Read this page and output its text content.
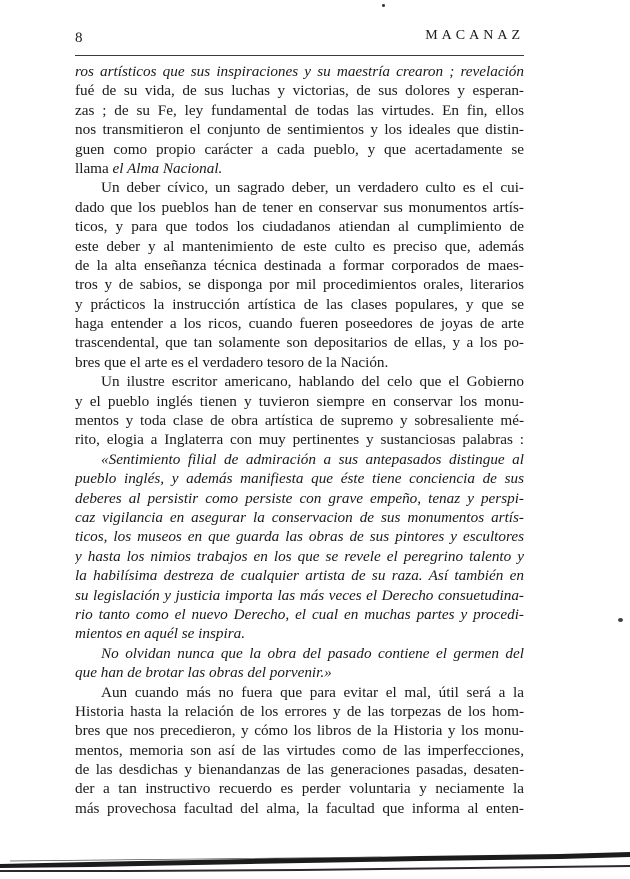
8	MACANAZ
ros artísticos que sus inspiraciones y su maestría crearon ; revelación
fué de su vida, de sus luchas y victorias, de sus dolores y esperan-
zas ; de su Fe, ley fundamental de todas las virtudes. En fin, ellos
nos transmitieron el conjunto de sentimientos y los ideales que distin-
guen como propio carácter a cada pueblo, y que acertadamente se
llama el Alma Nacional.
Un deber cívico, un sagrado deber, un verdadero culto es el cui-
dado que los pueblos han de tener en conservar sus monumentos artís-
ticos, y para que todos los ciudadanos atiendan al cumplimiento de
este deber y al mantenimiento de este culto es preciso que, además
de la alta enseñanza técnica destinada a formar corporados de maes-
tros y de sabios, se disponga por mil procedimientos orales, literarios
y prácticos la instrucción artística de las clases populares, y que se
haga entender a los ricos, cuando fueren poseedores de joyas de arte
trascendental, que tan solamente son depositarios de ellas, y a los po-
bres que el arte es el verdadero tesoro de la Nación.
Un ilustre escritor americano, hablando del celo que el Gobierno
y el pueblo inglés tienen y tuvieron siempre en conservar los monu-
mentos y toda clase de obra artística de supremo y sobresaliente mé-
rito, elogia a Inglaterra con muy pertinentes y sustanciosas palabras :
«Sentimiento filial de admiración a sus antepasados distingue al
pueblo inglés, y además manifiesta que éste tiene conciencia de sus
deberes al persistir como persiste con grave empeño, tenaz y perspi-
caz vigilancia en asegurar la conservacion de sus monumentos artís-
ticos, los museos en que guarda las obras de sus pintores y escultores
y hasta los nimios trabajos en los que se revele el peregrino talento y
la habilísima destreza de cualquier artista de su raza. Así también en
su legislación y justicia importa las más veces el Derecho consuetudina-
rio tanto como el nuevo Derecho, el cual en muchas partes y procedi-
mientos en aquél se inspira.
No olvidan nunca que la obra del pasado contiene el germen del
que han de brotar las obras del porvenir.»
Aun cuando más no fuera que para evitar el mal, útil será a la
Historia hasta la relación de los errores y de las torpezas de los hom-
bres que nos precedieron, y cómo los libros de la Historia y los monu-
mentos, memoria son así de las virtudes como de las imperfecciones,
de las desdichas y bienandanzas de las generaciones pasadas, desaten-
der a tan instructivo recuerdo es perder voluntaria y neciamente la
más provechosa facultad del alma, la facultad que informa al enten-
